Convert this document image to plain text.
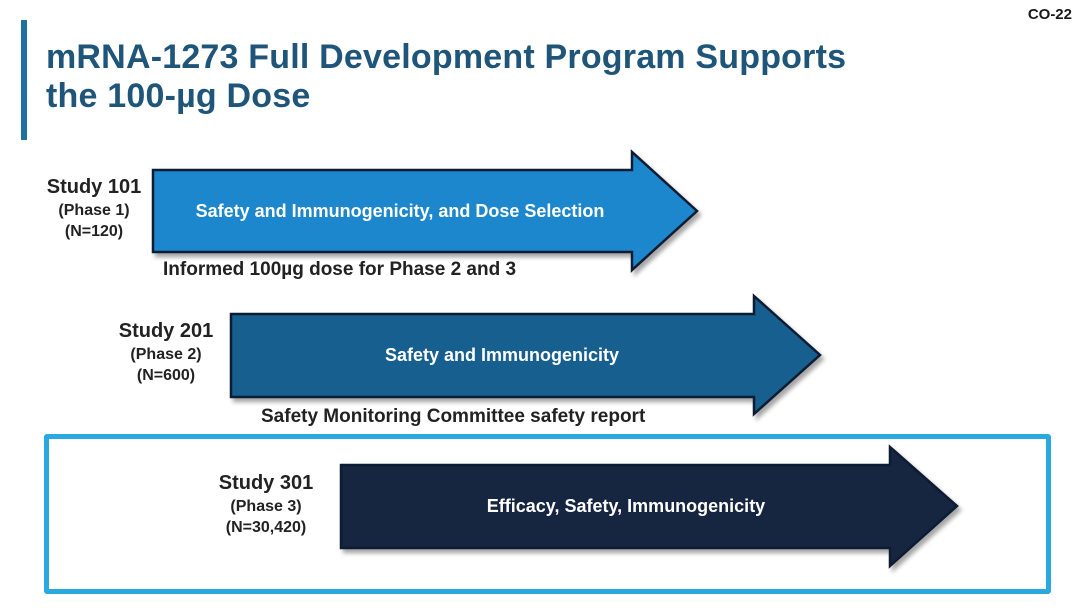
CO-22
mRNA-1273 Full Development Program Supports
the 100-µg Dose
Safety and Immunogenicity, and Dose Selection
Safety and Immunogenicity
Efficacy, Safety, Immunogenicity
Study 101
(Phase 1)
(N=120)
Study 201
(Phase 2)
(N=600)
Study 301
(Phase 3)
(N=30,420)
Informed 100µg dose for Phase 2 and 3
Safety Monitoring Committee safety report
